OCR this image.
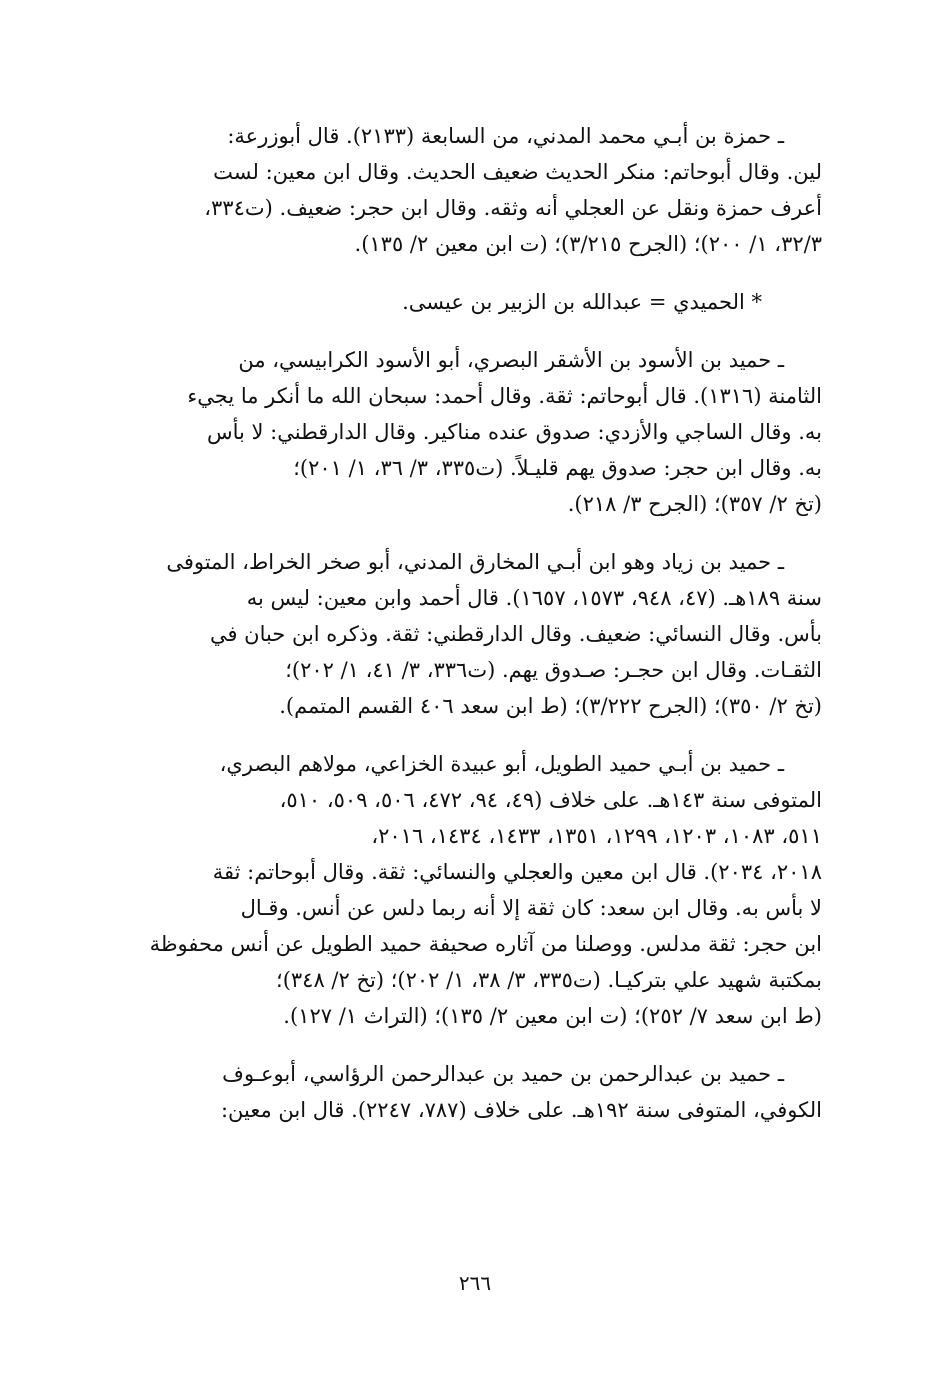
ـ حمزة بن أبـي محمد المدني، من السابعة (٢١٣٣). قال أبوزرعة:

لين. وقال أبوحاتم: منكر الحديث ضعيف الحديث. وقال ابن معين: لست

أعرف حمزة ونقل عن العجلي أنه وثقه. وقال ابن حجر: ضعيف. (ت٣٣٤،

٣٢/٣، ١/ ٢٠٠)؛ (الجرح ٣/٢١٥)؛ (ت ابن معين ٢/ ١٣٥).

* الحميدي = عبدالله بن الزبير بن عيسى.

ـ حميد بن الأسود بن الأشقر البصري، أبو الأسود الكرابيسي، من

الثامنة (١٣١٦). قال أبوحاتم: ثقة. وقال أحمد: سبحان الله ما أنكر ما يجيء

به. وقال الساجي والأزدي: صدوق عنده مناكير. وقال الدارقطني: لا بأس

به. وقال ابن حجر: صدوق يهم قليـلاً. (ت٣٣٥، ٣/ ٣٦، ١/ ٢٠١)؛

(تخ ٢/ ٣٥٧)؛ (الجرح ٣/ ٢١٨).

ـ حميد بن زياد وهو ابن أبـي المخارق المدني، أبو صخر الخراط، المتوفى

سنة ١٨٩هـ. (٤٧، ٩٤٨، ١٥٧٣، ١٦٥٧). قال أحمد وابن معين: ليس به

بأس. وقال النسائي: ضعيف. وقال الدارقطني: ثقة. وذكره ابن حبان في

الثقـات. وقال ابن حجـر: صـدوق يهم. (ت٣٣٦، ٣/ ٤١، ١/ ٢٠٢)؛

(تخ ٢/ ٣٥٠)؛ (الجرح ٣/٢٢٢)؛ (ط ابن سعد ٤٠٦ القسم المتمم).

ـ حميد بن أبـي حميد الطويل، أبو عبيدة الخزاعي، مولاهم البصري،

المتوفى سنة ١٤٣هـ. على خلاف (٤٩، ٩٤، ٤٧٢، ٥٠٦، ٥٠٩، ٥١٠،

٥١١، ١٠٨٣، ١٢٠٣، ١٢٩٩، ١٣٥١، ١٤٣٣، ١٤٣٤، ٢٠١٦،

٢٠١٨، ٢٠٣٤). قال ابن معين والعجلي والنسائي: ثقة. وقال أبوحاتم: ثقة

لا بأس به. وقال ابن سعد: كان ثقة إلا أنه ربما دلس عن أنس. وقـال

ابن حجر: ثقة مدلس. ووصلنا من آثاره صحيفة حميد الطويل عن أنس محفوظة

بمكتبة شهيد علي بتركيـا. (ت٣٣٥، ٣/ ٣٨، ١/ ٢٠٢)؛ (تخ ٢/ ٣٤٨)؛

(ط ابن سعد ٧/ ٢٥٢)؛ (ت ابن معين ٢/ ١٣٥)؛ (التراث ١/ ١٢٧).

ـ حميد بن عبدالرحمن بن حميد بن عبدالرحمن الرؤاسي، أبوعـوف

الكوفي، المتوفى سنة ١٩٢هـ. على خلاف (٧٨٧، ٢٢٤٧). قال ابن معين:

٢٦٦
